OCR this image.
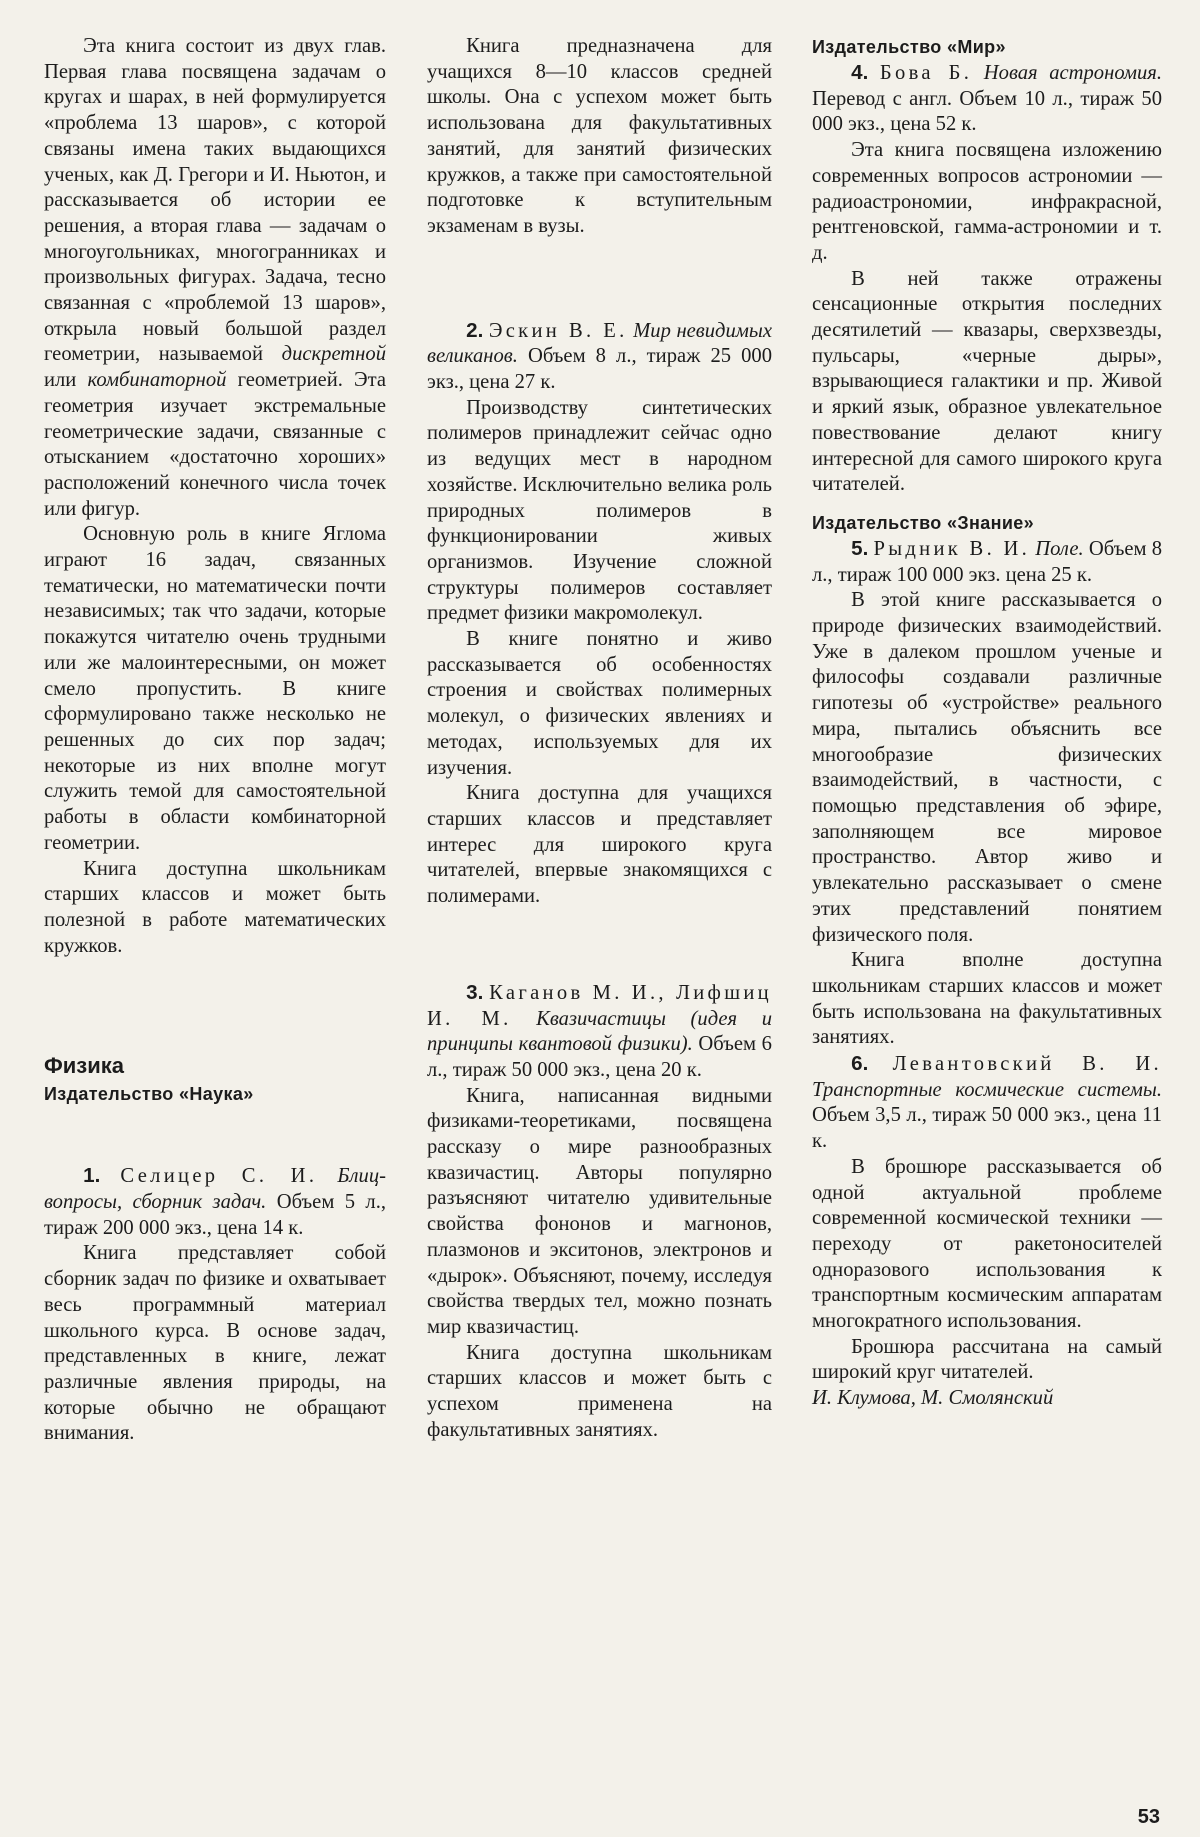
Эта книга состоит из двух глав. Первая глава посвящена задачам о кругах и шарах, в ней формулируется «проблема 13 шаров», с которой связаны имена таких выдающихся ученых, как Д. Грегори и И. Ньютон, и рассказывается об истории ее решения, а вторая глава — задачам о многоугольниках, многогранниках и произвольных фигурах. Задача, тесно связанная с «проблемой 13 шаров», открыла новый большой раздел геометрии, называемой дискретной или комбинаторной геометрией. Эта геометрия изучает экстремальные геометрические задачи, связанные с отысканием «достаточно хороших» расположений конечного числа точек или фигур.

Основную роль в книге Яглома играют 16 задач, связанных тематически, но математически почти независимых; так что задачи, которые покажутся читателю очень трудными или же малоинтересными, он может смело пропустить. В книге сформулировано также несколько не решенных до сих пор задач; некоторые из них вполне могут служить темой для самостоятельной работы в области комбинаторной геометрии.

Книга доступна школьникам старших классов и может быть полезной в работе математических кружков.

Физика

Издательство «Наука»

1. Селицер С. И. Блиц-вопросы, сборник задач. Объем 5 л., тираж 200 000 экз., цена 14 к.

Книга представляет собой сборник задач по физике и охватывает весь программный материал школьного курса. В основе задач, представленных в книге, лежат различные явления природы, на которые обычно не обращают внимания.

Книга предназначена для учащихся 8—10 классов средней школы. Она с успехом может быть использована для факультативных занятий, для занятий физических кружков, а также при самостоятельной подготовке к вступительным экзаменам в вузы.

2. Эскин В. Е. Мир невидимых великанов. Объем 8 л., тираж 25 000 экз., цена 27 к.

Производству синтетических полимеров принадлежит сейчас одно из ведущих мест в народном хозяйстве. Исключительно велика роль природных полимеров в функционировании живых организмов. Изучение сложной структуры полимеров составляет предмет физики макромолекул.

В книге понятно и живо рассказывается об особенностях строения и свойствах полимерных молекул, о физических явлениях и методах, используемых для их изучения.

Книга доступна для учащихся старших классов и представляет интерес для широкого круга читателей, впервые знакомящихся с полимерами.

3. Каганов М. И., Лифшиц И. М. Квазичастицы (идея и принципы квантовой физики). Объем 6 л., тираж 50 000 экз., цена 20 к.

Книга, написанная видными физиками-теоретиками, посвящена рассказу о мире разнообразных квазичастиц. Авторы популярно разъясняют читателю удивительные свойства фононов и магнонов, плазмонов и экситонов, электронов и «дырок». Объясняют, почему, исследуя свойства твердых тел, можно познать мир квазичастиц.

Книга доступна школьникам старших классов и может быть с успехом применена на факультативных занятиях.

Издательство «Мир»

4. Бова Б. Новая астрономия. Перевод с англ. Объем 10 л., тираж 50 000 экз., цена 52 к.

Эта книга посвящена изложению современных вопросов астрономии — радиоастрономии, инфракрасной, рентгеновской, гамма-астрономии и т. д.

В ней также отражены сенсационные открытия последних десятилетий — квазары, сверхзвезды, пульсары, «черные дыры», взрывающиеся галактики и пр. Живой и яркий язык, образное увлекательное повествование делают книгу интересной для самого широкого круга читателей.

Издательство «Знание»

5. Рыдник В. И. Поле. Объем 8 л., тираж 100 000 экз. цена 25 к.

В этой книге рассказывается о природе физических взаимодействий. Уже в далеком прошлом ученые и философы создавали различные гипотезы об «устройстве» реального мира, пытались объяснить все многообразие физических взаимодействий, в частности, с помощью представления об эфире, заполняющем все мировое пространство. Автор живо и увлекательно рассказывает о смене этих представлений понятием физического поля.

Книга вполне доступна школьникам старших классов и может быть использована на факультативных занятиях.

6. Левантовский В. И. Транспортные космические системы. Объем 3,5 л., тираж 50 000 экз., цена 11 к.

В брошюре рассказывается об одной актуальной проблеме современной космической техники — переходу от ракетоносителей одноразового использования к транспортным космическим аппаратам многократного использования.

Брошюра рассчитана на самый широкий круг читателей.

И. Клумова, М. Смолянский

53
